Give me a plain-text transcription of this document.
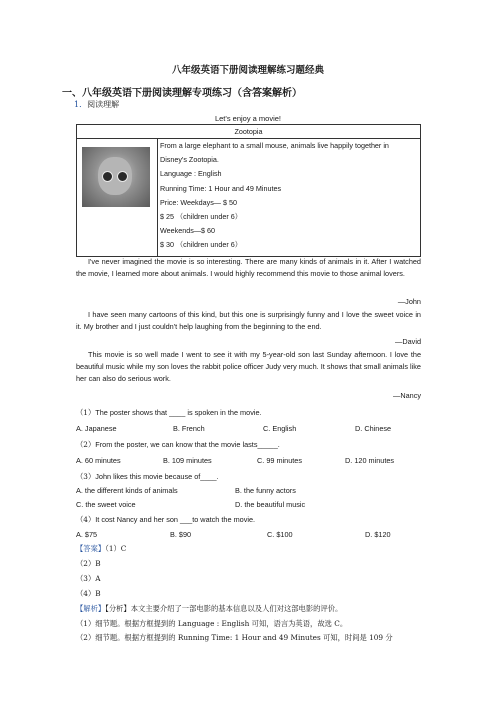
八年级英语下册阅读理解练习题经典
一、八年级英语下册阅读理解专项练习（含答案解析）
1．阅读理解
Let's enjoy a movie!
Zootopia

From a large elephant to a small mouse, animals live happily together in
Disney's Zootopia.
Language : English
Running Time: 1 Hour and 49 Minutes
Price: Weekdays— $ 50
$ 25 （children under 6）
Weekends—$ 60
$ 30 （children under 6）
I've never imagined the movie is so interesting. There are many kinds of animals in it. After I watched the movie, I learned more about animals. I would highly recommend this movie to those animal lovers.
—John
I have seen many cartoons of this kind, but this one is surprisingly funny and I love the sweet voice in it. My brother and I just couldn't help laughing from the beginning to the end.
—David
This movie is so well made I went to see it with my 5-year-old son last Sunday afternoon. I love the beautiful music while my son loves the rabbit police officer Judy very much. It shows that small animals like her can also do serious work.
—Nancy
（1）The poster shows that ____ is spoken in the movie.
A. Japanese	B. French	C. English	D. Chinese
（2）From the poster, we can know that the movie lasts_____.
A. 60 minutes	B. 109 minutes	C. 99 minutes	D. 120 minutes
（3）John likes this movie because of____.
A. the different kinds of animals	B. the funny actors
C. the sweet voice	D. the beautiful music
（4）It cost Nancy and her son ___to watch the movie.
A. $75	B. $90	C. $100	D. $120
【答案】（1）C
（2）B
（3）A
（4）B
【解析】【分析】本文主要介绍了一部电影的基本信息以及人们对这部电影的评价。
（1）细节题。根据方框提到的 Language : English 可知，语言为英语，故选 C。
（2）细节题。根据方框提到的 Running Time: 1 Hour and 49 Minutes 可知，时间是 109 分
